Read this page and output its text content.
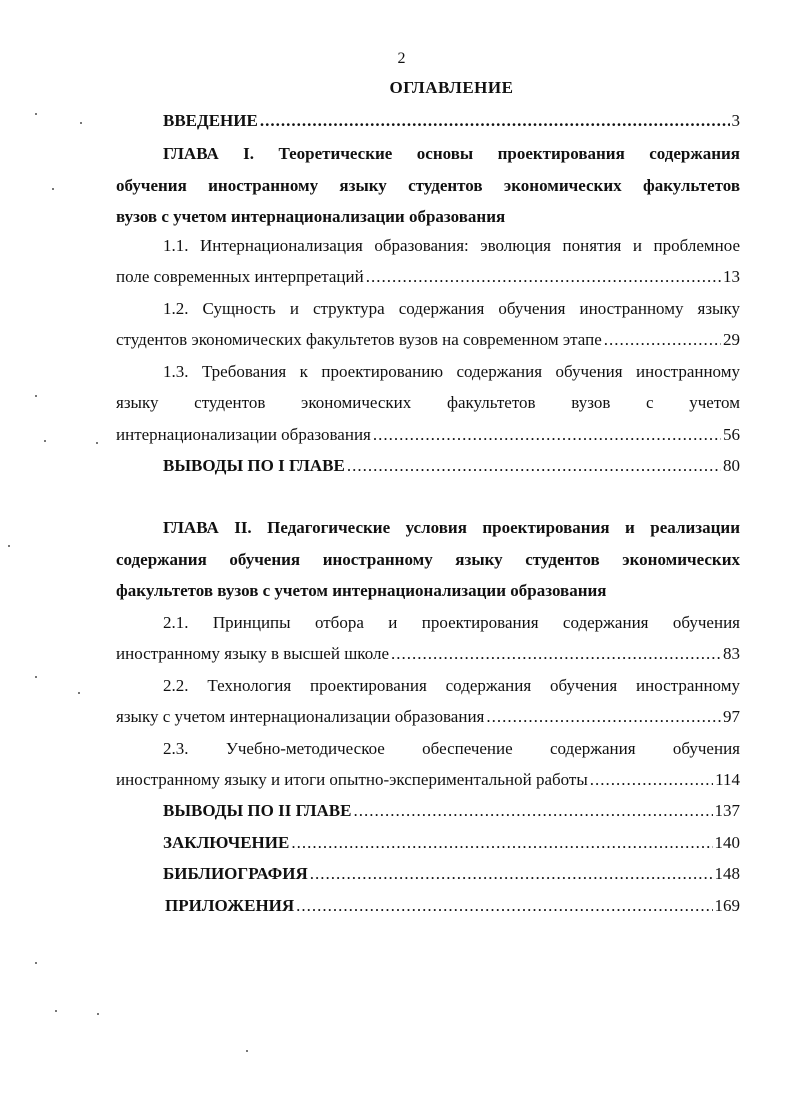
2
ОГЛАВЛЕНИЕ
ВВЕДЕНИЕ .....	3
ГЛАВА I. Теоретические основы проектирования содержания
обучения иностранному языку студентов экономических факультетов
вузов с учетом интернационализации образования
1.1. Интернационализация образования: эволюция понятия и проблемное
поле современных интерпретаций .....	13
1.2. Сущность и структура содержания обучения иностранному языку
студентов экономических факультетов вузов на современном этапе .....	29
1.3. Требования к проектированию содержания обучения иностранному
языку студентов экономических факультетов вузов с учетом
интернационализации образования .....	56
ВЫВОДЫ ПО I ГЛАВЕ .....	80
ГЛАВА II. Педагогические условия проектирования и реализации
содержания обучения иностранному языку студентов экономических
факультетов вузов с учетом интернационализации образования
2.1. Принципы отбора и проектирования содержания обучения
иностранному языку в высшей школе .....	83
2.2. Технология проектирования содержания обучения иностранному
языку с учетом интернационализации образования .....	97
2.3. Учебно-методическое обеспечение содержания обучения
иностранному языку и итоги опытно-экспериментальной работы .....	114
ВЫВОДЫ ПО II ГЛАВЕ .....	137
ЗАКЛЮЧЕНИЕ .....	140
БИБЛИОГРАФИЯ .....	148
ПРИЛОЖЕНИЯ .....	169
